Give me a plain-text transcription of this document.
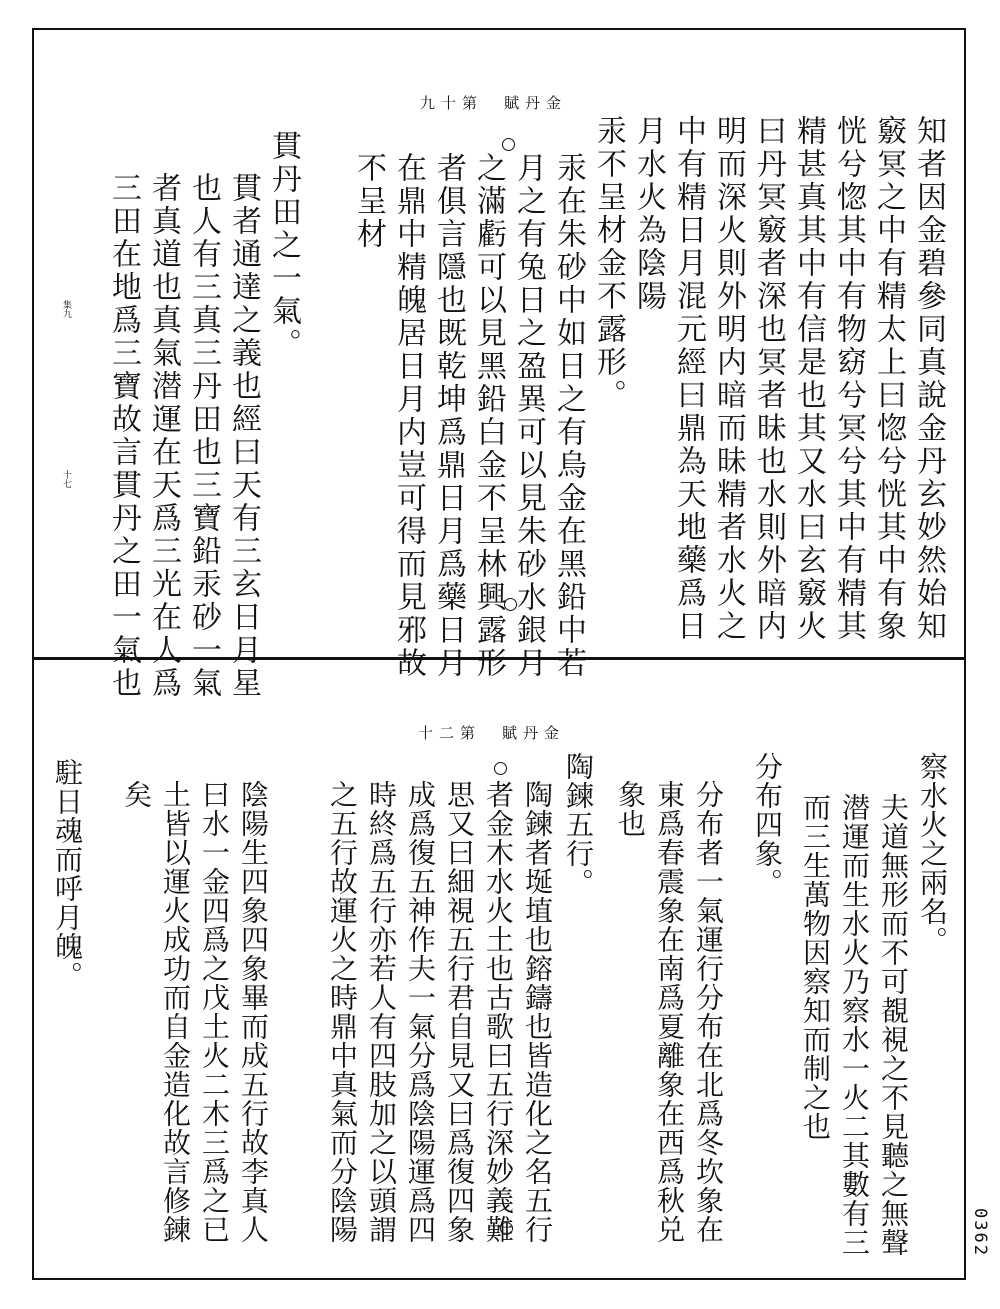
九十第　賦丹金
知者因金碧參同真說金丹玄妙然始知
竅冥之中有精太上曰惚兮恍其中有象
恍兮惚其中有物窈兮冥兮其中有精其
精甚真其中有信是也其又水曰玄竅火
曰丹冥竅者深也冥者昧也水則外暗内
明而深火則外明内暗而昧精者水火之
中有精日月混元經曰鼎為天地藥爲日
月水火為陰陽
汞不呈材金不露形。
汞在朱砂中如日之有烏金在黑鉛中若
月之有兔日之盈異可以見朱砂水銀月
之滿虧可以見黑鉛白金不呈林興露形
者俱言隱也既乾坤爲鼎日月爲藥日月
在鼎中精魄居日月内豈可得而見邪故
不呈材
貫丹田之一氣。
貫者通達之義也經曰天有三玄日月星
也人有三真三丹田也三寶鉛汞砂一氣
者真道也真氣潜運在天爲三光在人爲
三田在地爲三寶故言貫丹之田一氣也
集九
十七
十二第　賦丹金
察水火之兩名。
夫道無形而不可覩視之不見聽之無聲
潜運而生水火乃察水一火二其數有三
而三生萬物因察知而制之也
分布四象。
分布者一氣運行分布在北爲冬坎象在
東爲春震象在南爲夏離象在西爲秋兑
象也
陶鍊五行。
陶鍊者埏埴也鎔鑄也皆造化之名五行
者金木水火土也古歌曰五行深妙義難
思又曰細視五行君自見又曰爲復四象
成爲復五神作夫一氣分爲陰陽運爲四
時終爲五行亦若人有四肢加之以頭謂
之五行故運火之時鼎中真氣而分陰陽
陰陽生四象四象畢而成五行故李真人
曰水一金四爲之戊土火二木三爲之已
土皆以運火成功而自金造化故言修鍊
矣
駐日魂而呼月魄。
0362
